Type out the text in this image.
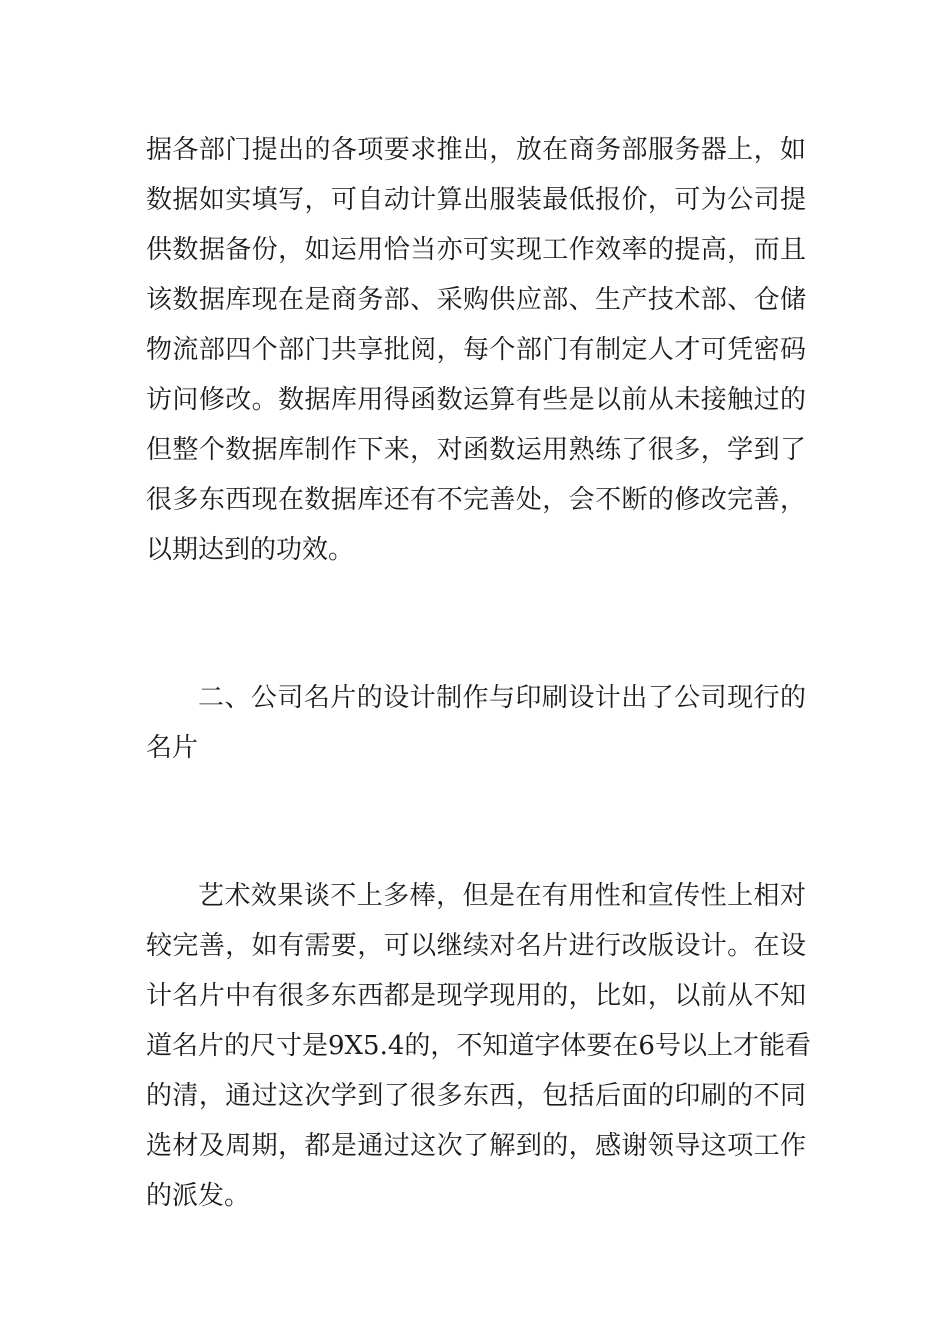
据各部门提出的各项要求推出，放在商务部服务器上，如
数据如实填写，可自动计算出服装最低报价，可为公司提
供数据备份，如运用恰当亦可实现工作效率的提高，而且
该数据库现在是商务部、采购供应部、生产技术部、仓储
物流部四个部门共享批阅，每个部门有制定人才可凭密码
访问修改。数据库用得函数运算有些是以前从未接触过的
但整个数据库制作下来，对函数运用熟练了很多，学到了
很多东西现在数据库还有不完善处，会不断的修改完善，
以期达到的功效。
二、公司名片的设计制作与印刷设计出了公司现行的
名片
艺术效果谈不上多棒，但是在有用性和宣传性上相对
较完善，如有需要，可以继续对名片进行改版设计。在设
计名片中有很多东西都是现学现用的，比如，以前从不知
道名片的尺寸是9X5.4的，不知道字体要在6号以上才能看
的清，通过这次学到了很多东西，包括后面的印刷的不同
选材及周期，都是通过这次了解到的，感谢领导这项工作
的派发。
